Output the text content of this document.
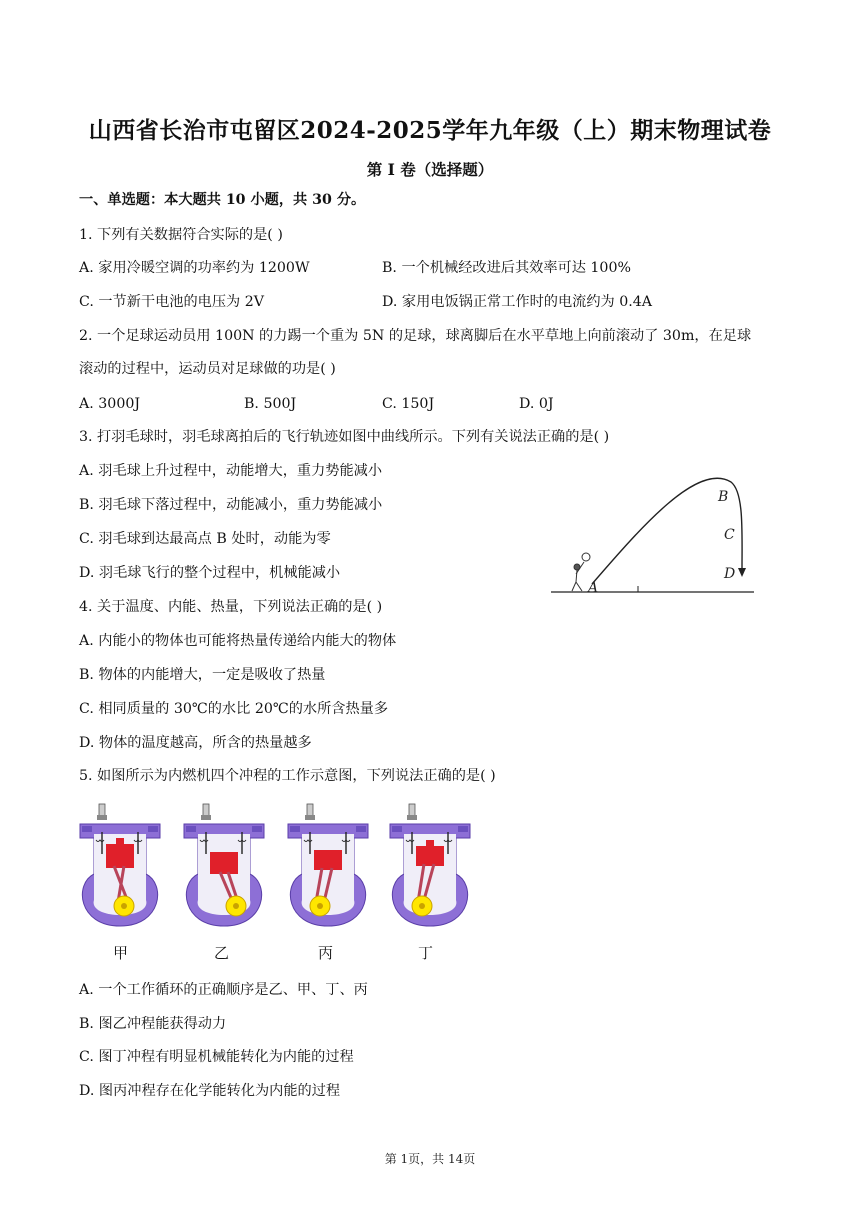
山西省长治市屯留区2024-2025学年九年级（上）期末物理试卷
第 I 卷（选择题）
一、单选题：本大题共 10 小题，共 30 分。
1. 下列有关数据符合实际的是( )
A. 家用冷暖空调的功率约为 1200W	B. 一个机械经改进后其效率可达 100%
C. 一节新干电池的电压为 2V	D. 家用电饭锅正常工作时的电流约为 0.4A
2. 一个足球运动员用 100N 的力踢一个重为 5N 的足球，球离脚后在水平草地上向前滚动了 30m，在足球
滚动的过程中，运动员对足球做的功是( )
A. 3000J	B. 500J	C. 150J	D. 0J
3. 打羽毛球时，羽毛球离拍后的飞行轨迹如图中曲线所示。下列有关说法正确的是( )
A. 羽毛球上升过程中，动能增大，重力势能减小
B. 羽毛球下落过程中，动能减小，重力势能减小
C. 羽毛球到达最高点 B 处时，动能为零
D. 羽毛球飞行的整个过程中，机械能减小
A
B
C
D
4. 关于温度、内能、热量，下列说法正确的是( )
A. 内能小的物体也可能将热量传递给内能大的物体
B. 物体的内能增大，一定是吸收了热量
C. 相同质量的 30℃的水比 20℃的水所含热量多
D. 物体的温度越高，所含的热量越多
5. 如图所示为内燃机四个冲程的工作示意图，下列说法正确的是( )
甲	乙	丙	丁
A. 一个工作循环的正确顺序是乙、甲、丁、丙
B. 图乙冲程能获得动力
C. 图丁冲程有明显机械能转化为内能的过程
D. 图丙冲程存在化学能转化为内能的过程
第 1页，共 14页
